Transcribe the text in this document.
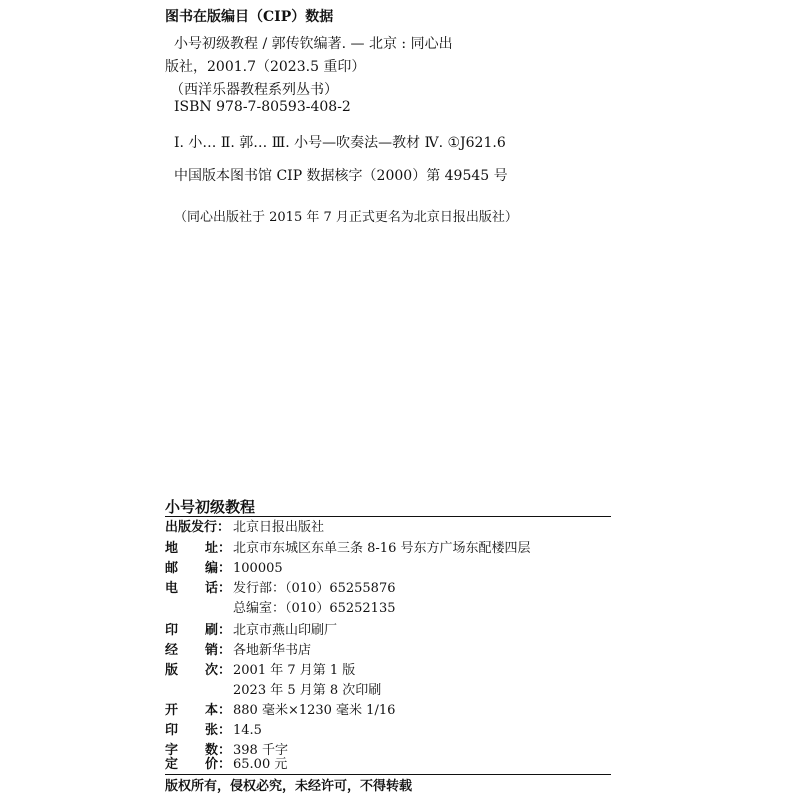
图书在版编目（CIP）数据
小号初级教程 / 郭传钦编著. — 北京 : 同心出
版社，2001.7（2023.5 重印）
（西洋乐器教程系列丛书）
ISBN 978-7-80593-408-2
Ⅰ. 小… Ⅱ. 郭… Ⅲ. 小号—吹奏法—教材 Ⅳ. ①J621.6
中国版本图书馆 CIP 数据核字（2000）第 49545 号
（同心出版社于 2015 年 7 月正式更名为北京日报出版社）
小号初级教程
出版发行： 北京日报出版社
地 址： 北京市东城区东单三条 8-16 号东方广场东配楼四层
邮 编： 100005
电 话： 发行部：（010）65255876
总编室：（010）65252135
印 刷： 北京市燕山印刷厂
经 销： 各地新华书店
版 次： 2001 年 7 月第 1 版
2023 年 5 月第 8 次印刷
开 本： 880 毫米×1230 毫米 1/16
印 张： 14.5
字 数： 398 千字
定 价： 65.00 元
版权所有，侵权必究，未经许可，不得转载
